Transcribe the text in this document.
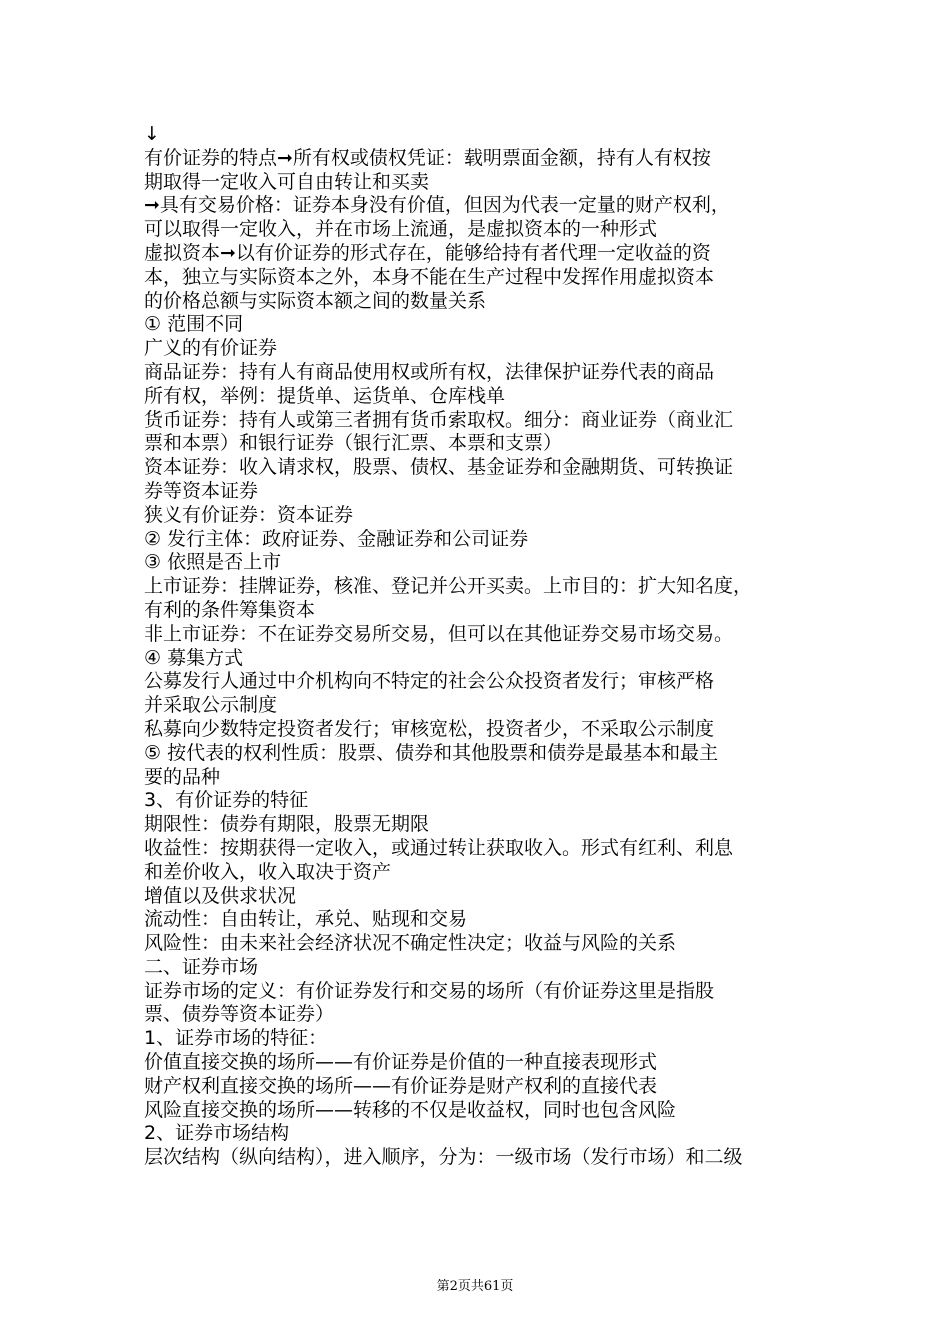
↓
有价证券的特点➞所有权或债权凭证：载明票面金额，持有人有权按
期取得一定收入可自由转让和买卖
➞具有交易价格：证券本身没有价值，但因为代表一定量的财产权利，
可以取得一定收入，并在市场上流通，是虚拟资本的一种形式
虚拟资本➞以有价证券的形式存在，能够给持有者代理一定收益的资
本，独立与实际资本之外，本身不能在生产过程中发挥作用虚拟资本
的价格总额与实际资本额之间的数量关系
① 范围不同
广义的有价证券
商品证券：持有人有商品使用权或所有权，法律保护证券代表的商品
所有权，举例：提货单、运货单、仓库栈单
货币证券：持有人或第三者拥有货币索取权。细分：商业证券（商业汇
票和本票）和银行证券（银行汇票、本票和支票）
资本证券：收入请求权，股票、债权、基金证券和金融期货、可转换证
券等资本证券
狭义有价证券：资本证券
② 发行主体：政府证券、金融证券和公司证券
③ 依照是否上市
上市证券：挂牌证券，核准、登记并公开买卖。上市目的：扩大知名度，
有利的条件筹集资本
非上市证券：不在证券交易所交易，但可以在其他证券交易市场交易。
④ 募集方式
公募发行人通过中介机构向不特定的社会公众投资者发行；审核严格
并采取公示制度
私募向少数特定投资者发行；审核宽松，投资者少，不采取公示制度
⑤ 按代表的权利性质：股票、债券和其他股票和债券是最基本和最主
要的品种
3、有价证券的特征
期限性：债券有期限，股票无期限
收益性：按期获得一定收入，或通过转让获取收入。形式有红利、利息
和差价收入，收入取决于资产
增值以及供求状况
流动性：自由转让，承兑、贴现和交易
风险性：由未来社会经济状况不确定性决定；收益与风险的关系
二、证券市场
证券市场的定义：有价证券发行和交易的场所（有价证券这里是指股
票、债券等资本证券）
1、证券市场的特征：
价值直接交换的场所——有价证券是价值的一种直接表现形式
财产权利直接交换的场所——有价证券是财产权利的直接代表
风险直接交换的场所——转移的不仅是收益权，同时也包含风险
2、证券市场结构
层次结构（纵向结构），进入顺序，分为：一级市场（发行市场）和二级
第2页共61页
